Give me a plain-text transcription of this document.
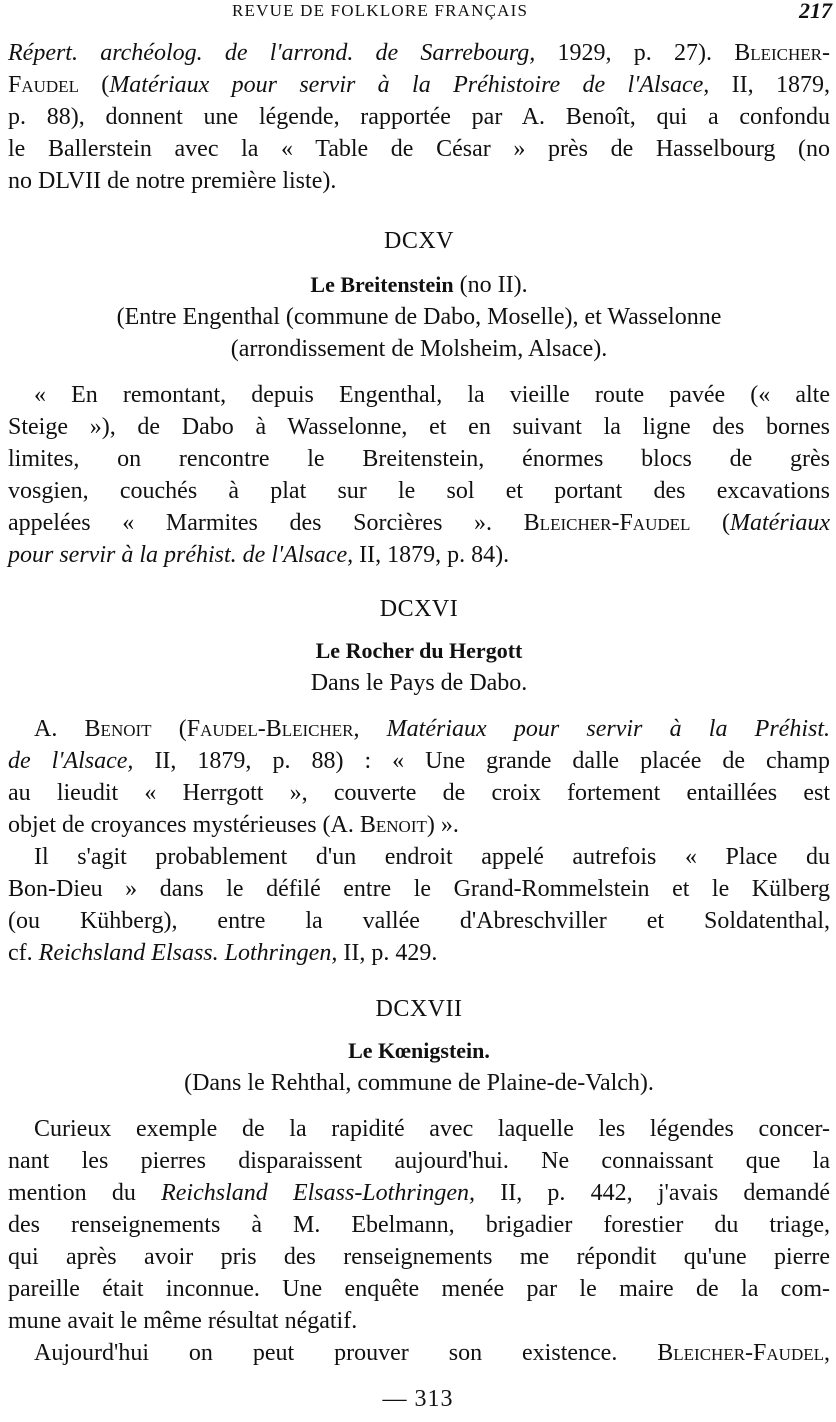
REVUE DE FOLKLORE FRANÇAIS	217
Répert. archéolog. de l'arrond. de Sarrebourg, 1929, p. 27). Bleicher-
Faudel (Matériaux pour servir à la Préhistoire de l'Alsace, II, 1879,
p. 88), donnent une légende, rapportée par A. Benoît, qui a confondu
le Ballerstein avec la « Table de César » près de Hasselbourg (no
no DLVII de notre première liste).
DCXV
Le Breitenstein (no II).
(Entre Engenthal (commune de Dabo, Moselle), et Wasselonne
(arrondissement de Molsheim, Alsace).
« En remontant, depuis Engenthal, la vieille route pavée (« alte
Steige »), de Dabo à Wasselonne, et en suivant la ligne des bornes
limites, on rencontre le Breitenstein, énormes blocs de grès
vosgien, couchés à plat sur le sol et portant des excavations
appelées « Marmites des Sorcières ». Bleicher-Faudel (Matériaux
pour servir à la préhist. de l'Alsace, II, 1879, p. 84).
DCXVI
Le Rocher du Hergott
Dans le Pays de Dabo.
A. Benoit (Faudel-Bleicher, Matériaux pour servir à la Préhist.
de l'Alsace, II, 1879, p. 88) : « Une grande dalle placée de champ
au lieudit « Herrgott », couverte de croix fortement entaillées est
objet de croyances mystérieuses (A. Benoit) ».
Il s'agit probablement d'un endroit appelé autrefois « Place du
Bon-Dieu » dans le défilé entre le Grand-Rommelstein et le Külberg
(ou Kühberg), entre la vallée d'Abreschviller et Soldatenthal,
cf. Reichsland Elsass. Lothringen, II, p. 429.
DCXVII
Le Kœnigstein.
(Dans le Rehthal, commune de Plaine-de-Valch).
Curieux exemple de la rapidité avec laquelle les légendes concer-
nant les pierres disparaissent aujourd'hui. Ne connaissant que la
mention du Reichsland Elsass-Lothringen, II, p. 442, j'avais demandé
des renseignements à M. Ebelmann, brigadier forestier du triage,
qui après avoir pris des renseignements me répondit qu'une pierre
pareille était inconnue. Une enquête menée par le maire de la com-
mune avait le même résultat négatif.
Aujourd'hui on peut prouver son existence. Bleicher-Faudel,
— 313
